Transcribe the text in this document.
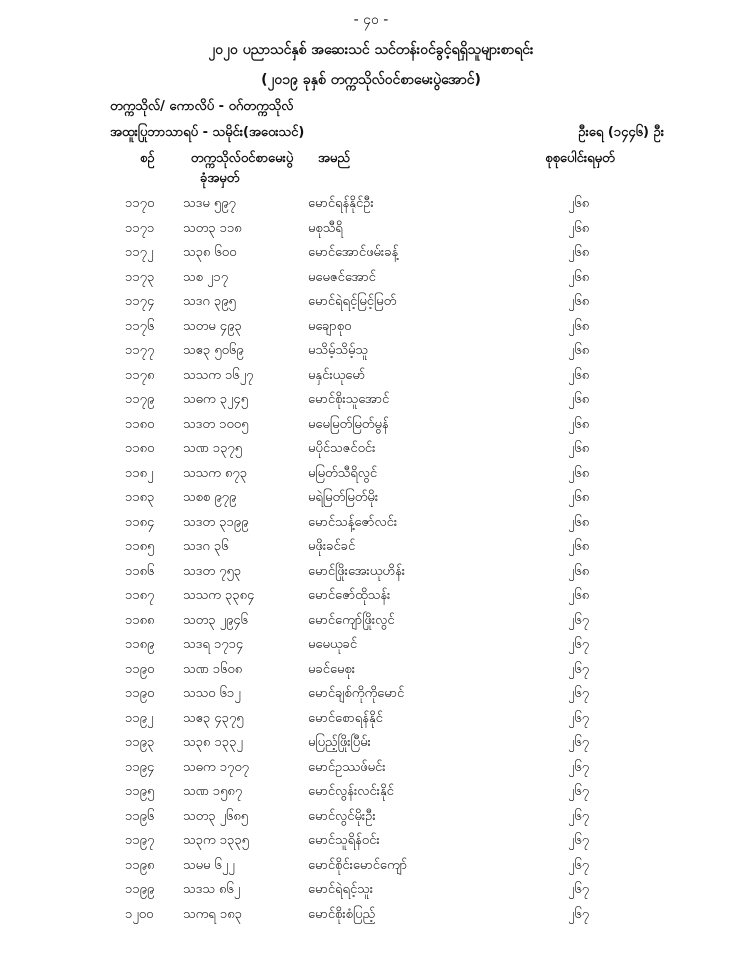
- ၄၀ -
၂၀၂၀ ပညာသင်နှစ် အဆေးသင် သင်တန်းဝင်ခွင့်ရရှိသူများစာရင်း
(၂၀၁၉ ခုနှစ် တက္ကသိုလ်ဝင်စာမေးပွဲအောင်)
တက္ကသိုလ်/ ကောလိပ် - ဝဂ်တက္ကသိုလ်
အထူးပြုဘာသာရပ် - သမိုင်း(အဝေးသင်)	ဦးရေ (၁၄၄၆) ဦး
စဉ်	တက္ကသိုလ်ဝင်စာမေးပွဲ
ခုံအမှတ်
အမည်	စုစုပေါင်းရမှတ်
၁၁၇၀ သဒမ ၅၉၇	မောင်ရန်နိုင်ဦး	၂၆၈
၁၁၇၁ သတ၃ ၁၁၈	မစုသီရိ	၂၆၈
၁၁၇၂ သ၃၈ ၆၀၀	မောင်အောင်ဖမ်းခန့်	၂၆၈
၁၁၇၃ သစ ၂၁၇	မမေဇင်အောင်	၂၆၈
၁၁၇၄ သဒဂ ၃၉၅	မောင်ရဲရင့်မြင့်မြတ်	၂၆၈
၁၁၇၆ သတမ ၄၉၃	မချောစုဝ	၂၆၈
၁၁၇၇ သဧ၃ ၅၀၆၉	မသိမ့်သိမ့်သူ	၂၆၈
၁၁၇၈ သသက ၁၆၂၇	မနှင်းယုမော်	၂၆၈
၁၁၇၉ သဓက ၃၂၄၅	မောင်စိုးသူအောင်	၂၆၈
၁၁၈၀ သဒတ ၁၀၀၅	မမေမြတ်မြတ်မွန်	၂၆၈
၁၁၈၀ သဏ ၁၃၇၅	မပိုင်သဇင်ဝင်း	၂၆၈
၁၁၈၂ သသက ၈၇၃	မမြတ်သီရိလွင်	၂၆၈
၁၁၈၃ သစစ ၉၇၉	မရဲမြတ်မြတ်မိုး	၂၆၈
၁၁၈၄ သဒတ ၃၁၉၉	မောင်သန့်ဇော်လင်း	၂၆၈
၁၁၈၅ သဒဂ ၃၆	မဖိုးခင်ခင်	၂၆၈
၁၁၈၆ သဒတ ၇၅၃	မောင်ဖြိုးအေးယုဟိန်း	၂၆၈
၁၁၈၇ သသက ၃၃၈၄	မောင်ဇော်ထိုသန်း	၂၆၈
၁၁၈၈ သတ၃ ၂၉၄၆	မောင်ကျော်ဖြိုးလွင်	၂၆၇
၁၁၈၉ သဒရ ၁၇၁၄	မမေယုခင်	၂၆၇
၁၁၉၀ သဏ ၁၆၀၈	မခင်မေစုး	၂၆၇
၁၁၉၀ သသ၀ ၆၁၂	မောင်ချစ်ကိုကိုမောင်	၂၆၇
၁၁၉၂ သဧ၃ ၄၃၇၅	မောင်စောရန်နိုင်	၂၆၇
၁၁၉၃ သ၃၈ ၁၃၃၂	မပြည့်ဖြိုးပြီမ်း	၂၆၇
၁၁၉၄ သဓက ၁၇၀၇	မောင်ဥဿဖ်မင်း	၂၆၇
၁၁၉၅ သဏ ၁၅၈၇	မောင်လွန်းလင်းနိုင်	၂၆၇
၁၁၉၆ သတ၃ ၂၆၈၅	မောင်လွင်မိုးဦး	၂၆၇
၁၁၉၇ သ၃က ၁၃၃၅	မောင်သူရိန်ဝင်း	၂၆၇
၁၁၉၈ သမမ ၆၂၂	မောင်စိုင်းမောင်ကျော်	၂၆၇
၁၁၉၉ သဒသ ၈၆၂	မောင်ရဲရင့်သူး	၂၆၇
၁၂၀၀ သကရ ၁၈၃	မောင်စိုးစံပြည့်	၂၆၇
